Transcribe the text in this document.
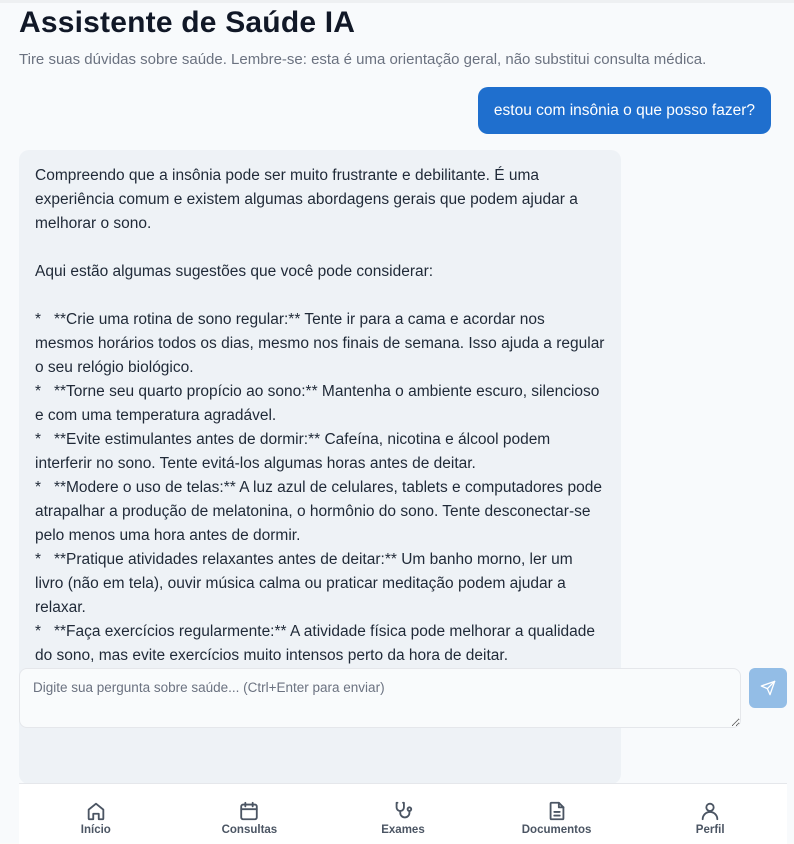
Assistente de Saúde IA
Tire suas dúvidas sobre saúde. Lembre-se: esta é uma orientação geral, não substitui consulta médica.
estou com insônia o que posso fazer?
Compreendo que a insônia pode ser muito frustrante e debilitante. É uma experiência comum e existem algumas abordagens gerais que podem ajudar a melhorar o sono.

Aqui estão algumas sugestões que você pode considerar:

*   **Crie uma rotina de sono regular:** Tente ir para a cama e acordar nos mesmos horários todos os dias, mesmo nos finais de semana. Isso ajuda a regular o seu relógio biológico.
*   **Torne seu quarto propício ao sono:** Mantenha o ambiente escuro, silencioso e com uma temperatura agradável.
*   **Evite estimulantes antes de dormir:** Cafeína, nicotina e álcool podem interferir no sono. Tente evitá-los algumas horas antes de deitar.
*   **Modere o uso de telas:** A luz azul de celulares, tablets e computadores pode atrapalhar a produção de melatonina, o hormônio do sono. Tente desconectar-se pelo menos uma hora antes de dormir.
*   **Pratique atividades relaxantes antes de deitar:** Um banho morno, ler um livro (não em tela), ouvir música calma ou praticar meditação podem ajudar a relaxar.
*   **Faça exercícios regularmente:** A atividade física pode melhorar a qualidade do sono, mas evite exercícios muito intensos perto da hora de deitar.
Digite sua pergunta sobre saúde... (Ctrl+Enter para enviar)
Início	Consultas	Exames	Documentos	Perfil
